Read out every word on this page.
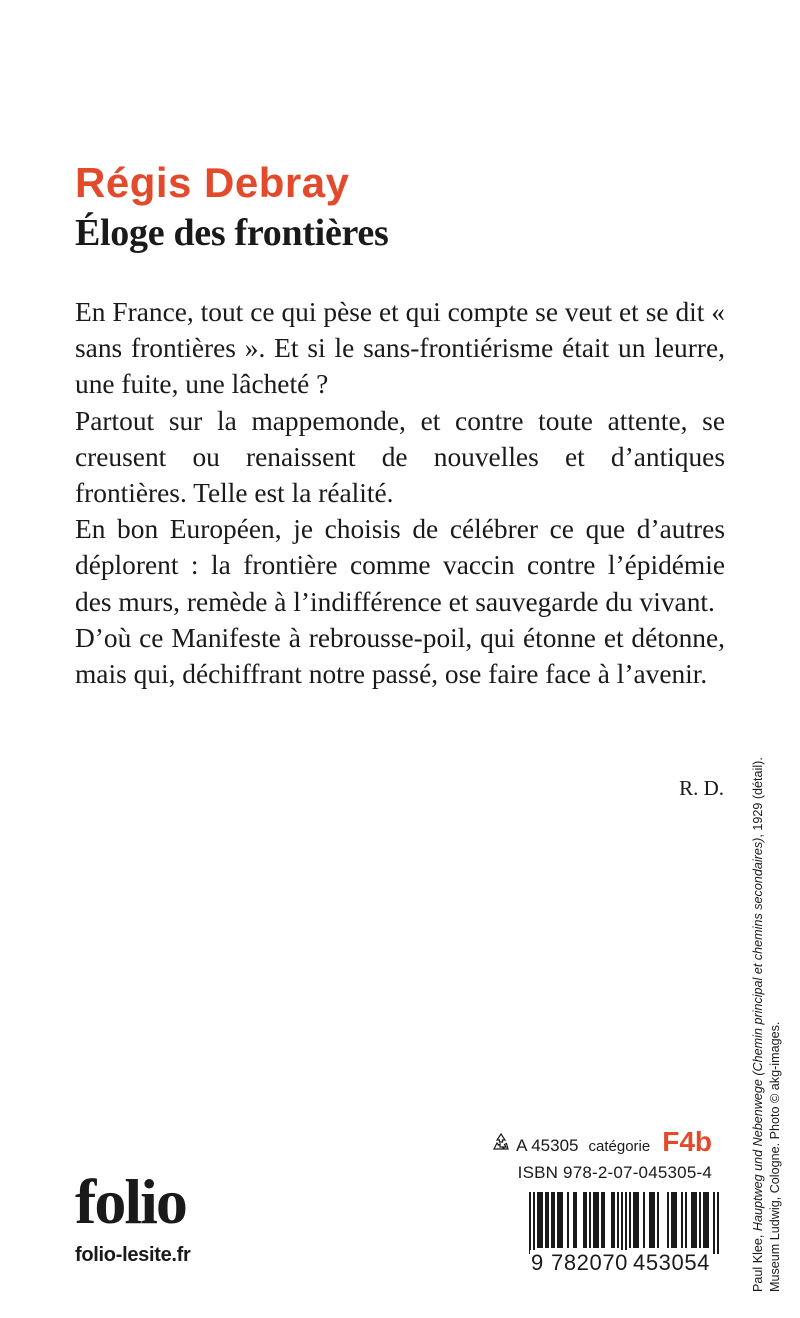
Régis Debray
Éloge des frontières

En France, tout ce qui pèse et qui compte se veut et se dit « sans frontières ». Et si le sans-frontiérisme était un leurre, une fuite, une lâcheté ?

Partout sur la mappemonde, et contre toute attente, se creusent ou renaissent de nouvelles et d’antiques frontières. Telle est la réalité.

En bon Européen, je choisis de célébrer ce que d’autres déplorent : la frontière comme vaccin contre l’épidémie des murs, remède à l’indifférence et sauvegarde du vivant.

D’où ce Manifeste à rebrousse-poil, qui étonne et détonne, mais qui, déchiffrant notre passé, ose faire face à l’avenir.

R. D.

folio
folio-lesite.fr
A 45305 catégorie F4b
ISBN 978-2-07-045305-4
9 782070 453054	Paul Klee, Hauptweg und Nebenwege (Chemin principal et chemins secondaires), 1929 (détail).
Museum Ludwig, Cologne. Photo © akg-images.
